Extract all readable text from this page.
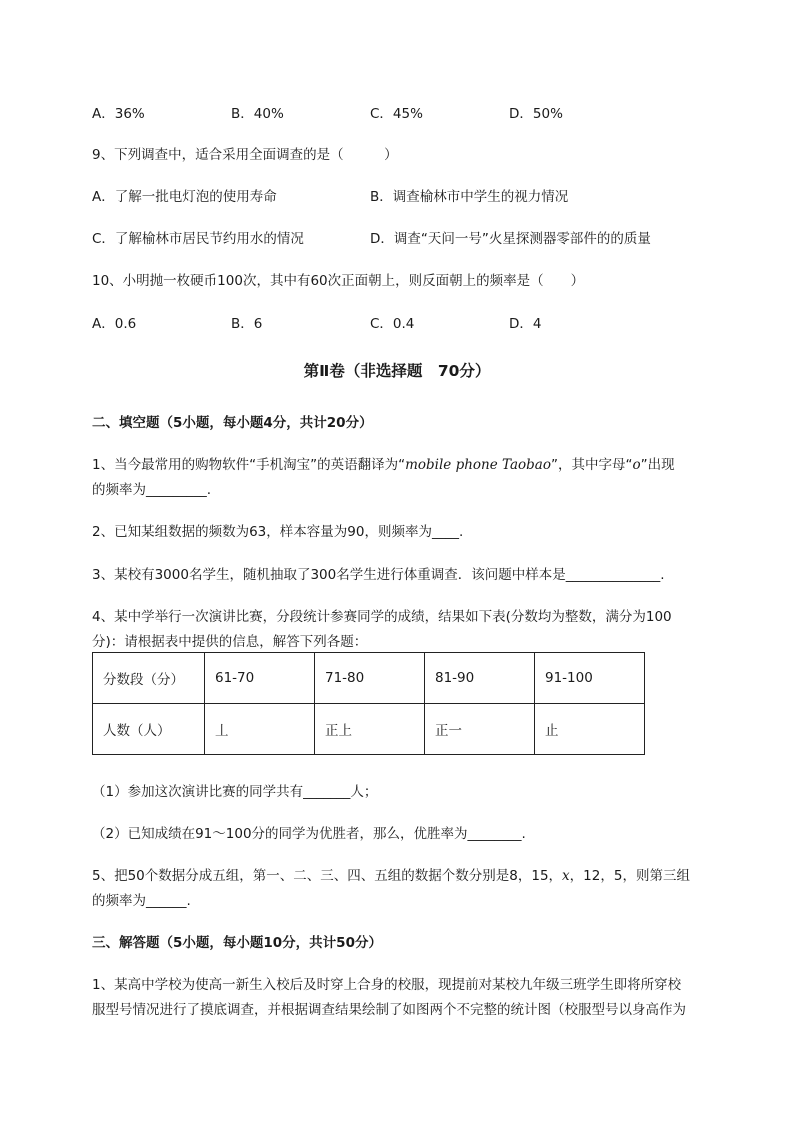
A．36%	B．40%	C．45%	D．50%
9、下列调查中，适合采用全面调查的是（　　　）
A．了解一批电灯泡的使用寿命	B．调查榆林市中学生的视力情况
C．了解榆林市居民节约用水的情况	D．调查“天问一号”火星探测器零部件的的质量
10、小明抛一枚硬币100次，其中有60次正面朝上，则反面朝上的频率是（　　）
A．0.6	B．6	C．0.4	D．4
第Ⅱ卷（非选择题　70分）
二、填空题（5小题，每小题4分，共计20分）
1、当今最常用的购物软件“手机淘宝”的英语翻译为“mobile phone Taobao”，其中字母“o”出现
的频率为_________.
2、已知某组数据的频数为63，样本容量为90，则频率为____.
3、某校有3000名学生，随机抽取了300名学生进行体重调查．该问题中样本是______________.
4、某中学举行一次演讲比赛，分段统计参赛同学的成绩，结果如下表(分数均为整数，满分为100
分)：请根据表中提供的信息，解答下列各题：
分数段（分）	61-70	71-80	81-90	91-100
人数（人）	丄	正上	正一	止
（1）参加这次演讲比赛的同学共有_______人；
（2）已知成绩在91～100分的同学为优胜者，那么，优胜率为________.
5、把50个数据分成五组，第一、二、三、四、五组的数据个数分别是8，15，x，12，5，则第三组
的频率为______.
三、解答题（5小题，每小题10分，共计50分）
1、某高中学校为使高一新生入校后及时穿上合身的校服，现提前对某校九年级三班学生即将所穿校
服型号情况进行了摸底调查，并根据调查结果绘制了如图两个不完整的统计图（校服型号以身高作为
